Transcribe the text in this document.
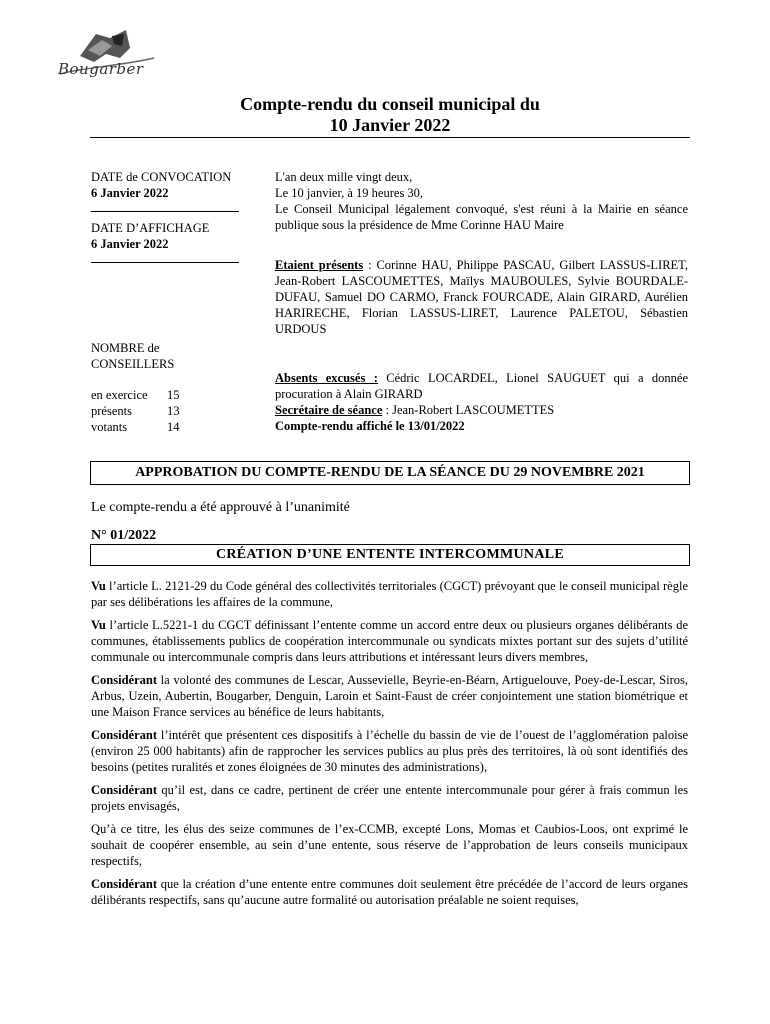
Bougarber
Compte-rendu du conseil municipal du
10 Janvier 2022
DATE de CONVOCATION
6 Janvier 2022
DATE D’AFFICHAGE
6 Janvier 2022
NOMBRE de
CONSEILLERS
en exercice	15
présents	13
votants	14

L'an deux mille vingt deux,

Le 10 janvier, à 19 heures 30,

Le Conseil Municipal légalement convoqué, s'est réuni à la Mairie en séance publique sous la présidence de Mme Corinne HAU Maire

Etaient présents : Corinne HAU, Philippe PASCAU, Gilbert LASSUS-LIRET, Jean-Robert LASCOUMETTES, Maïlys MAUBOULES, Sylvie BOURDALE-DUFAU, Samuel DO CARMO, Franck FOURCADE, Alain GIRARD, Aurélien HARIRECHE, Florian LASSUS-LIRET, Laurence PALETOU, Sébastien URDOUS

Absents excusés : Cédric LOCARDEL, Lionel SAUGUET qui a donnée procuration à Alain GIRARD

Secrétaire de séance : Jean-Robert LASCOUMETTES

Compte-rendu affiché le 13/01/2022

APPROBATION DU COMPTE-RENDU DE LA SÉANCE DU 29 NOVEMBRE 2021
Le compte-rendu a été approuvé à l’unanimité
N° 01/2022
CRÉATION D’UNE ENTENTE INTERCOMMUNALE

Vu l’article L. 2121-29 du Code général des collectivités territoriales (CGCT) prévoyant que le conseil municipal règle par ses délibérations les affaires de la commune,

Vu l’article L.5221-1 du CGCT définissant l’entente comme un accord entre deux ou plusieurs organes délibérants de communes, établissements publics de coopération intercommunale ou syndicats mixtes portant sur des sujets d’utilité communale ou intercommunale compris dans leurs attributions et intéressant leurs divers membres,

Considérant la volonté des communes de Lescar, Aussevielle, Beyrie-en-Béarn, Artiguelouve, Poey-de-Lescar, Siros, Arbus, Uzein, Aubertin, Bougarber, Denguin, Laroin et Saint-Faust de créer conjointement une station biométrique et une Maison France services au bénéfice de leurs habitants,

Considérant l’intérêt que présentent ces dispositifs à l’échelle du bassin de vie de l’ouest de l’agglomération paloise (environ 25 000 habitants) afin de rapprocher les services publics au plus près des territoires, là où sont identifiés des besoins (petites ruralités et zones éloignées de 30 minutes des administrations),

Considérant qu’il est, dans ce cadre, pertinent de créer une entente intercommunale pour gérer à frais commun les projets envisagés,

Qu’à ce titre, les élus des seize communes de l’ex-CCMB, excepté Lons, Momas et Caubios-Loos, ont exprimé le souhait de coopérer ensemble, au sein d’une entente, sous réserve de l’approbation de leurs conseils municipaux respectifs,

Considérant que la création d’une entente entre communes doit seulement être précédée de l’accord de leurs organes délibérants respectifs, sans qu’aucune autre formalité ou autorisation préalable ne soient requises,
